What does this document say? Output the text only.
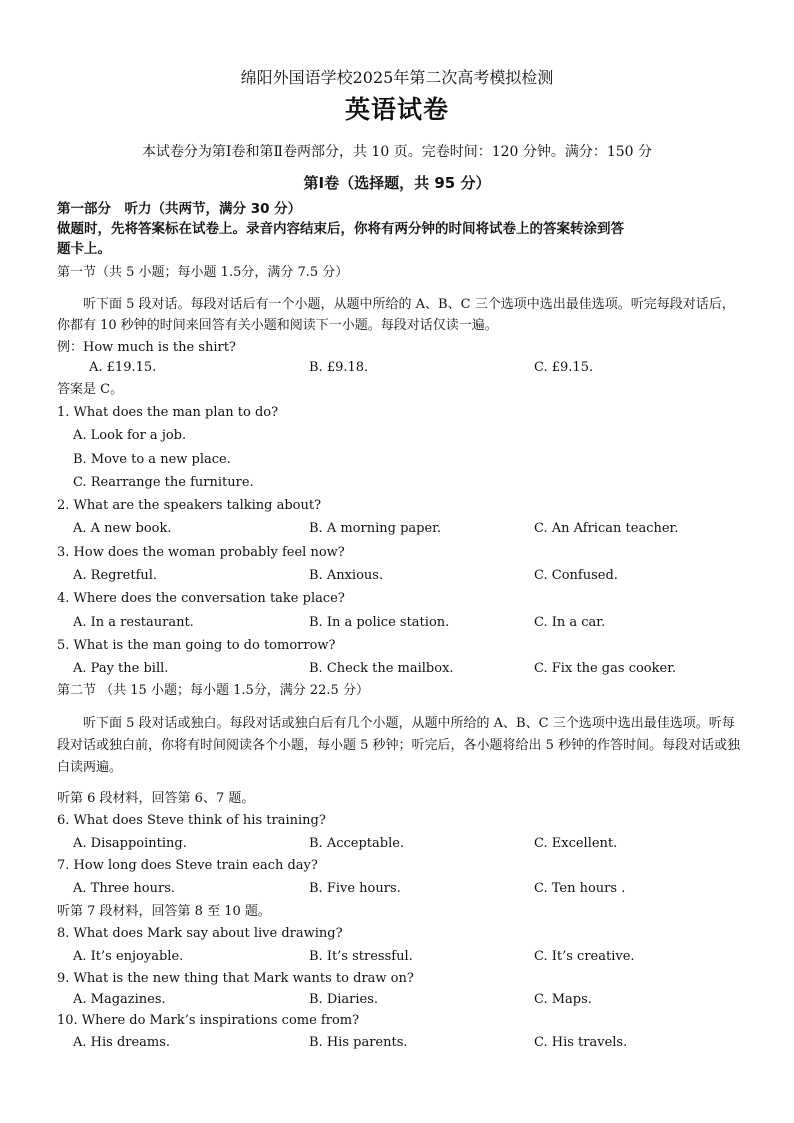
绵阳外国语学校2025年第二次高考模拟检测
英语试卷
本试卷分为第Ⅰ卷和第Ⅱ卷两部分，共 10 页。完卷时间：120 分钟。满分：150 分
第Ⅰ卷（选择题，共 95 分）
第一部分　听力（共两节，满分 30 分）
做题时，先将答案标在试卷上。录音内容结束后，你将有两分钟的时间将试卷上的答案转涂到答
题卡上。
第一节（共 5 小题；每小题 1.5分，满分 7.5 分）
听下面 5 段对话。每段对话后有一个小题，从题中所给的 A、B、C 三个选项中选出最佳选项。听完每段对话后，你都有 10 秒钟的时间来回答有关小题和阅读下一小题。每段对话仅读一遍。
例：How much is the shirt?
A. £19.15.	B. £9.18.	C. £9.15.
答案是 C。
1. What does the man plan to do?
A. Look for a job.
B. Move to a new place.
C. Rearrange the furniture.
2. What are the speakers talking about?
A. A new book.	B. A morning paper.	C. An African teacher.
3. How does the woman probably feel now?
A. Regretful.	B. Anxious.	C. Confused.
4. Where does the conversation take place?
A. In a restaurant.	B. In a police station.	C. In a car.
5. What is the man going to do tomorrow?
A. Pay the bill.	B. Check the mailbox.	C. Fix the gas cooker.
第二节 （共 15 小题；每小题 1.5分，满分 22.5 分）
听下面 5 段对话或独白。每段对话或独白后有几个小题，从题中所给的 A、B、C 三个选项中选出最佳选项。听每段对话或独白前，你将有时间阅读各个小题，每小题 5 秒钟；听完后，各小题将给出 5 秒钟的作答时间。每段对话或独白读两遍。
听第 6 段材料，回答第 6、7 题。
6. What does Steve think of his training?
A. Disappointing.	B. Acceptable.	C. Excellent.
7. How long does Steve train each day?
A. Three hours.	B. Five hours.	C. Ten hours .
听第 7 段材料，回答第 8 至 10 题。
8. What does Mark say about live drawing?
A. It’s enjoyable.	B. It’s stressful.	C. It’s creative.
9. What is the new thing that Mark wants to draw on?
A. Magazines.	B. Diaries.	C. Maps.
10. Where do Mark’s inspirations come from?
A. His dreams.	B. His parents.	C. His travels.
